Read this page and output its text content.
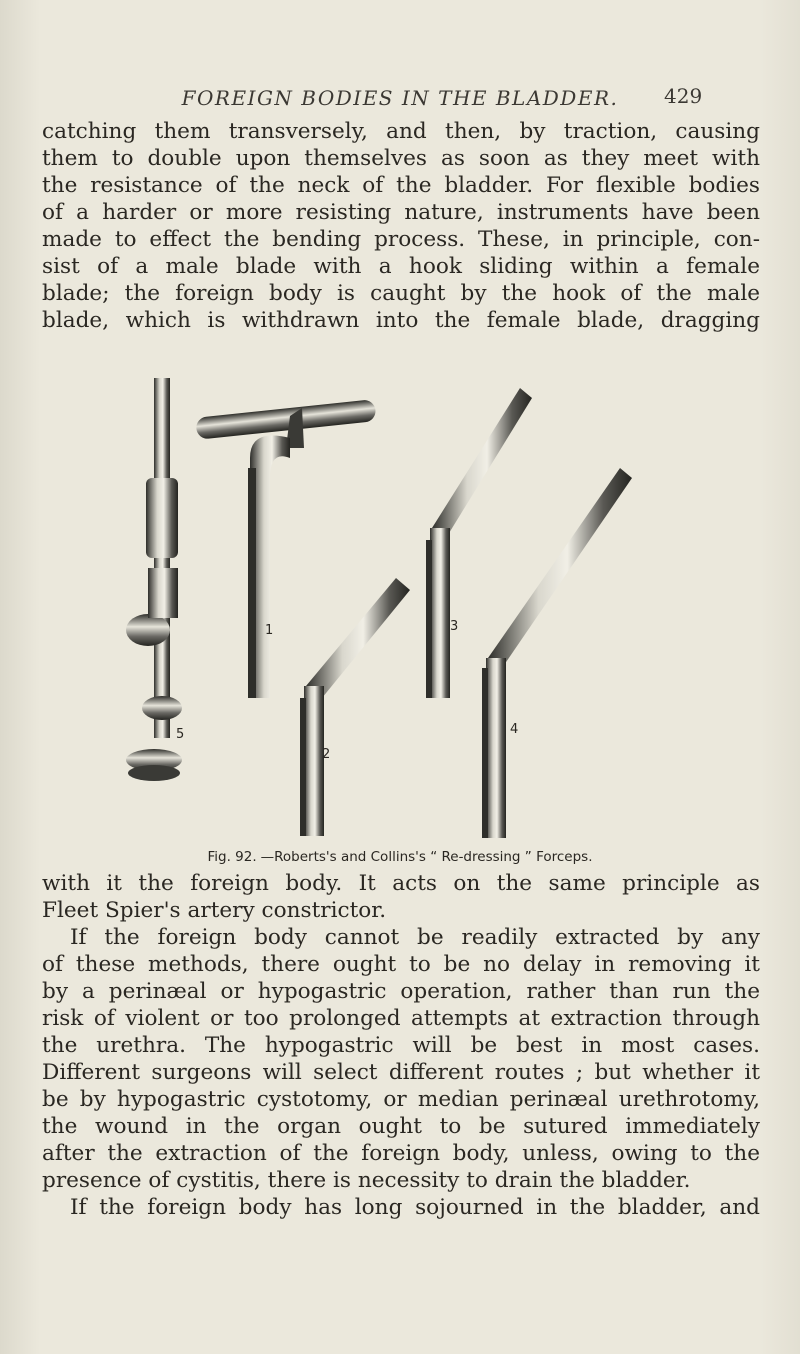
FOREIGN BODIES IN THE BLADDER.	429
catching them transversely, and then, by traction, causing
them to double upon themselves as soon as they meet with
the resistance of the neck of the bladder. For flexible bodies
of a harder or more resisting nature, instruments have been
made to effect the bending process. These, in principle, con-
sist of a male blade with a hook sliding within a female
blade; the foreign body is caught by the hook of the male
blade, which is withdrawn into the female blade, dragging
1
2
3
4
5
Fig. 92. —Roberts's and Collins's “ Re-dressing ” Forceps.
with it the foreign body. It acts on the same principle as
Fleet Spier's artery constrictor.
If the foreign body cannot be readily extracted by any
of these methods, there ought to be no delay in removing it
by a perinæal or hypogastric operation, rather than run the
risk of violent or too prolonged attempts at extraction through
the urethra. The hypogastric will be best in most cases.
Different surgeons will select different routes ; but whether it
be by hypogastric cystotomy, or median perinæal urethrotomy,
the wound in the organ ought to be sutured immediately
after the extraction of the foreign body, unless, owing to the
presence of cystitis, there is necessity to drain the bladder.
If the foreign body has long sojourned in the bladder, and
